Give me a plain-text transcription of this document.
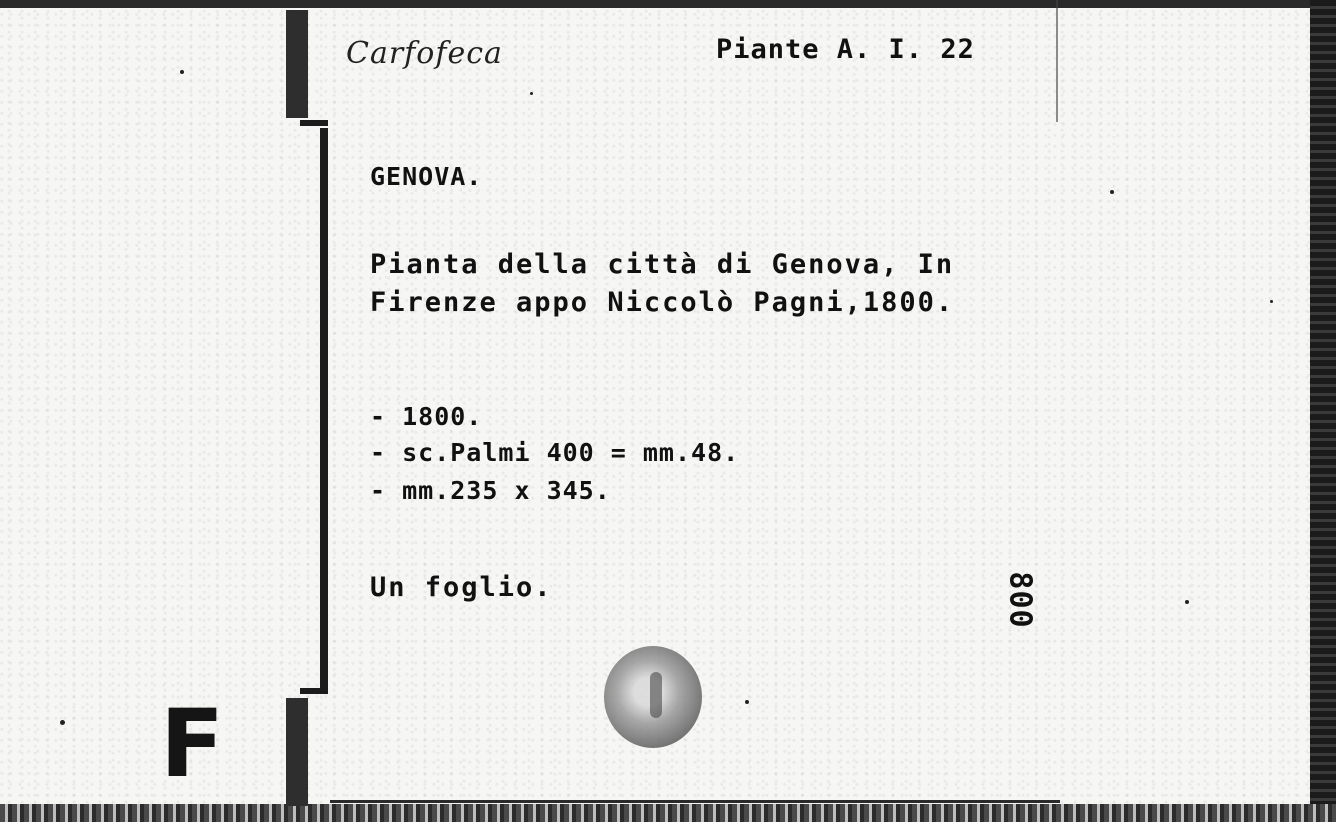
Carfofeca	Piante A. I. 22
GENOVA.
Pianta della città di Genova, In
Firenze appo Niccolò Pagni,1800.
- 1800.
- sc.Palmi 400 = mm.48.
- mm.235 x 345.
Un foglio.	800
F
